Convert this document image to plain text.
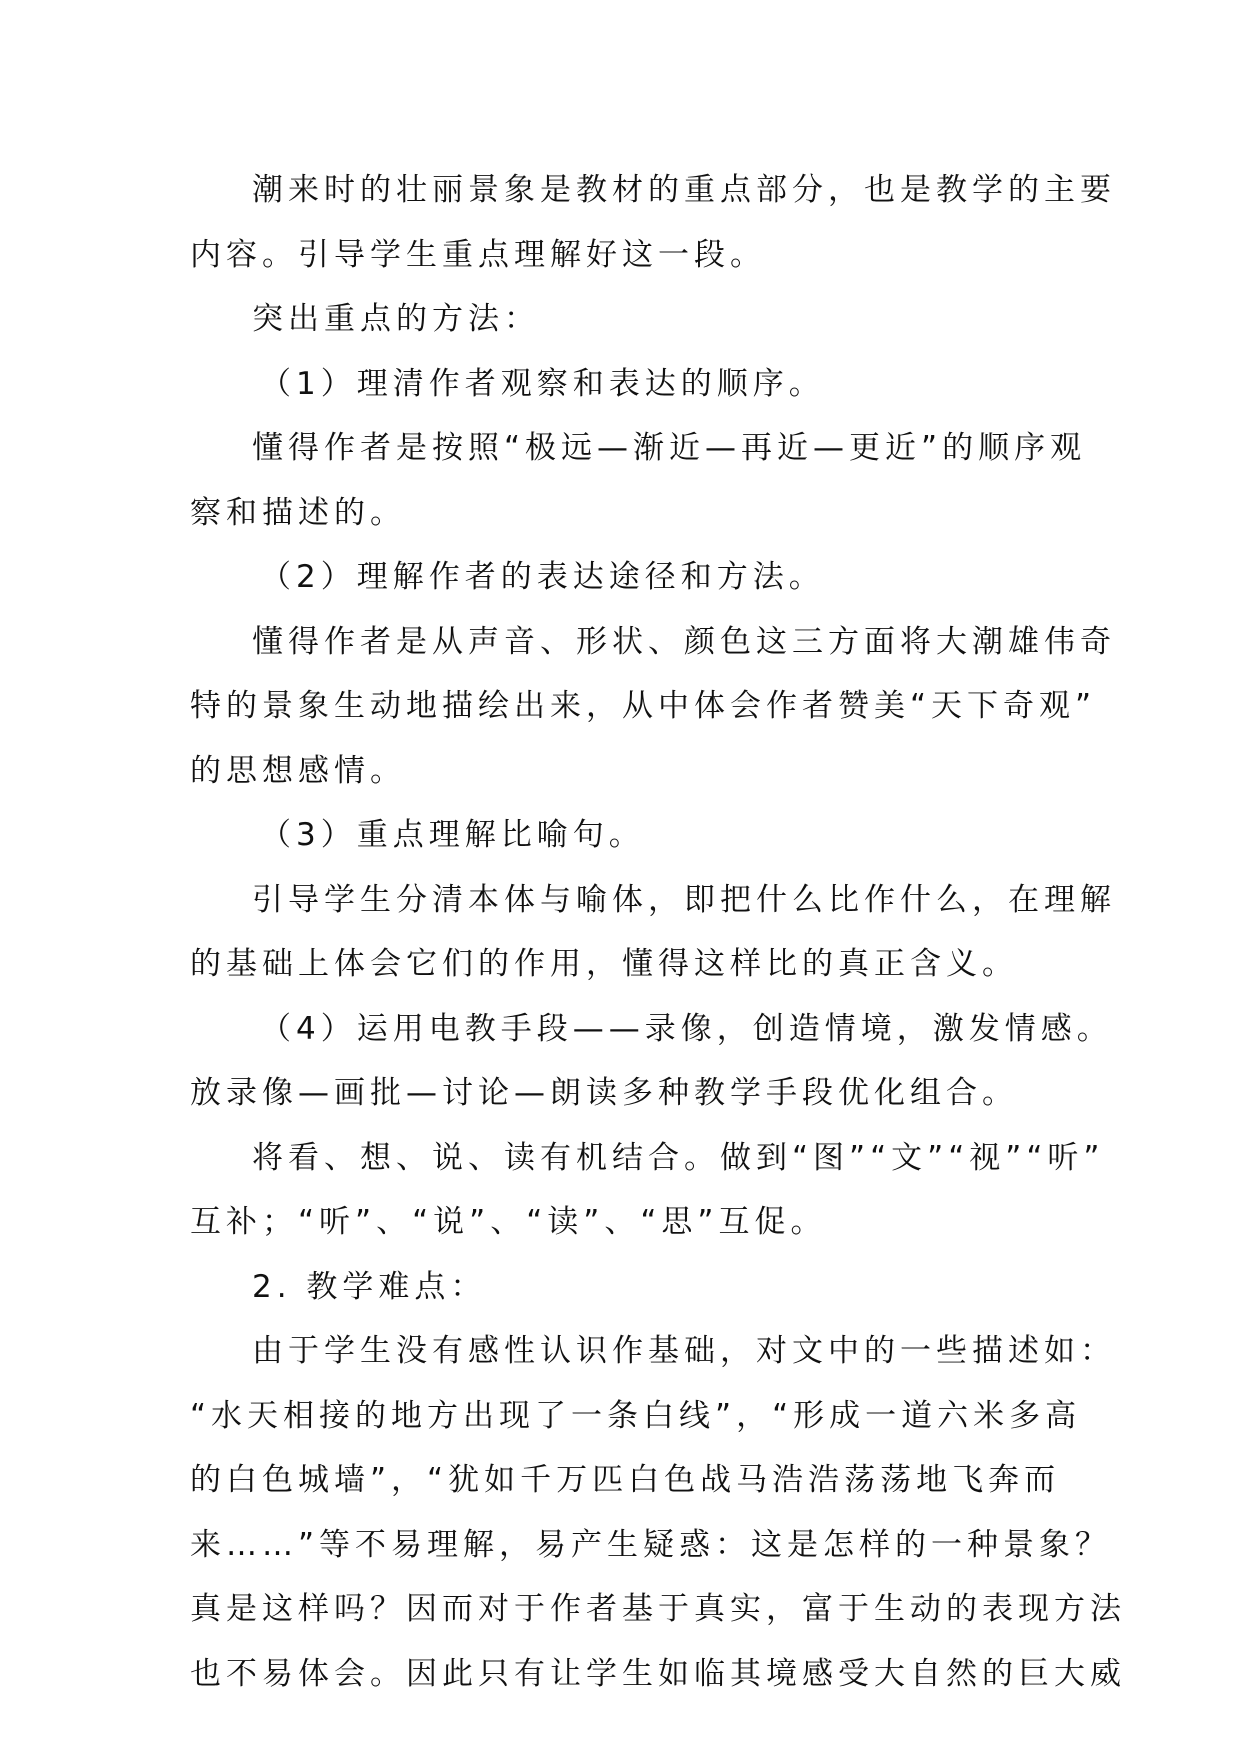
潮来时的壮丽景象是教材的重点部分，也是教学的主要
内容。引导学生重点理解好这一段。

突出重点的方法：

（1）理清作者观察和表达的顺序。

懂得作者是按照“极远—渐近—再近—更近”的顺序观
察和描述的。

（2）理解作者的表达途径和方法。

懂得作者是从声音、形状、颜色这三方面将大潮雄伟奇
特的景象生动地描绘出来，从中体会作者赞美“天下奇观”
的思想感情。

（3）重点理解比喻句。

引导学生分清本体与喻体，即把什么比作什么，在理解
的基础上体会它们的作用，懂得这样比的真正含义。

（4）运用电教手段——录像，创造情境，激发情感。
放录像—画批—讨论—朗读多种教学手段优化组合。

将看、想、说、读有机结合。做到“图”“文”“视”“听”
互补；“听”、“说”、“读”、“思”互促。

2. 教学难点：

由于学生没有感性认识作基础，对文中的一些描述如：
“水天相接的地方出现了一条白线”，“形成一道六米多高
的白色城墙”，“犹如千万匹白色战马浩浩荡荡地飞奔而
来……”等不易理解，易产生疑惑：这是怎样的一种景象？
真是这样吗？因而对于作者基于真实，富于生动的表现方法
也不易体会。因此只有让学生如临其境感受大自然的巨大威
